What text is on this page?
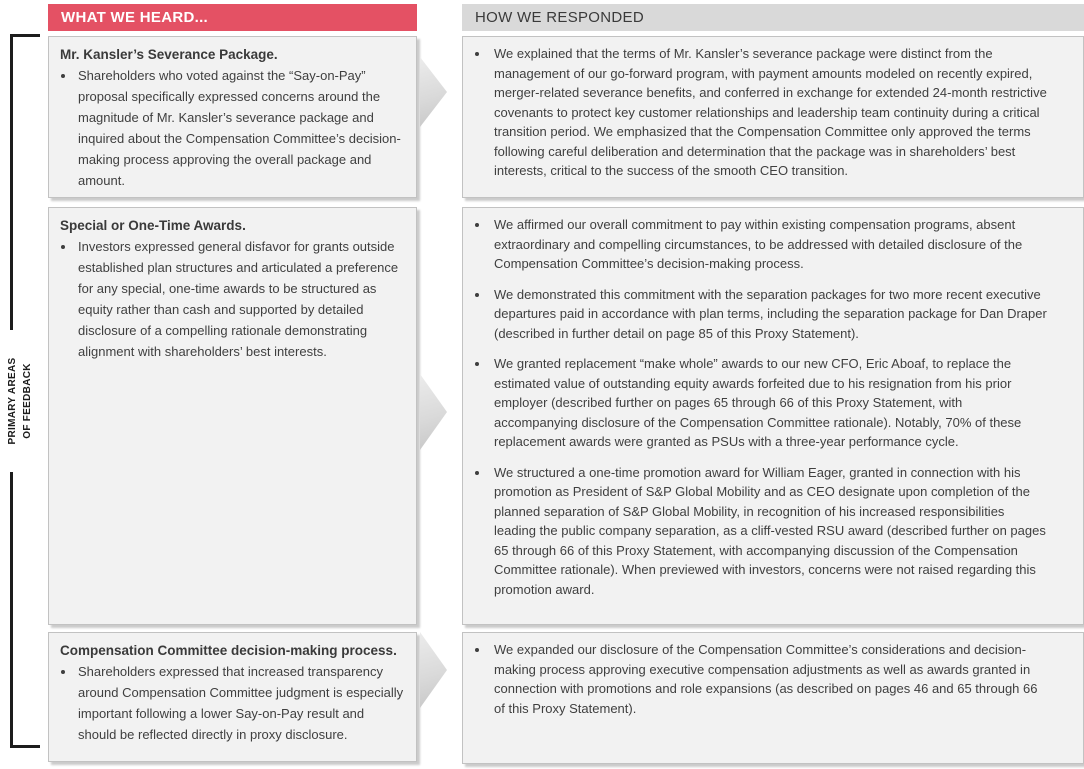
PRIMARY AREAS OF FEEDBACK
WHAT WE HEARD...	HOW WE RESPONDED

Mr. Kansler’s Severance Package.

• Shareholders who voted against the “Say-on-Pay” proposal specifically expressed concerns around the magnitude of Mr. Kansler’s severance package and inquired about the Compensation Committee’s decision-making process approving the overall package and amount.
• We explained that the terms of Mr. Kansler’s severance package were distinct from the management of our go-forward program, with payment amounts modeled on recently expired, merger-related severance benefits, and conferred in exchange for extended 24-month restrictive covenants to protect key customer relationships and leadership team continuity during a critical transition period. We emphasized that the Compensation Committee only approved the terms following careful deliberation and determination that the package was in shareholders’ best interests, critical to the success of the smooth CEO transition.

Special or One-Time Awards.

• Investors expressed general disfavor for grants outside established plan structures and articulated a preference for any special, one-time awards to be structured as equity rather than cash and supported by detailed disclosure of a compelling rationale demonstrating alignment with shareholders’ best interests.
• We affirmed our overall commitment to pay within existing compensation programs, absent extraordinary and compelling circumstances, to be addressed with detailed disclosure of the Compensation Committee’s decision-making process.
• We demonstrated this commitment with the separation packages for two more recent executive departures paid in accordance with plan terms, including the separation package for Dan Draper (described in further detail on page 85 of this Proxy Statement).
• We granted replacement “make whole” awards to our new CFO, Eric Aboaf, to replace the estimated value of outstanding equity awards forfeited due to his resignation from his prior employer (described further on pages 65 through 66 of this Proxy Statement, with accompanying disclosure of the Compensation Committee rationale). Notably, 70% of these replacement awards were granted as PSUs with a three-year performance cycle.
• We structured a one-time promotion award for William Eager, granted in connection with his promotion as President of S&P Global Mobility and as CEO designate upon completion of the planned separation of S&P Global Mobility, in recognition of his increased responsibilities leading the public company separation, as a cliff-vested RSU award (described further on pages 65 through 66 of this Proxy Statement, with accompanying discussion of the Compensation Committee rationale). When previewed with investors, concerns were not raised regarding this promotion award.

Compensation Committee decision-making process.

• Shareholders expressed that increased transparency around Compensation Committee judgment is especially important following a lower Say-on-Pay result and should be reflected directly in proxy disclosure.
• We expanded our disclosure of the Compensation Committee’s considerations and decision-making process approving executive compensation adjustments as well as awards granted in connection with promotions and role expansions (as described on pages 46 and 65 through 66 of this Proxy Statement).
